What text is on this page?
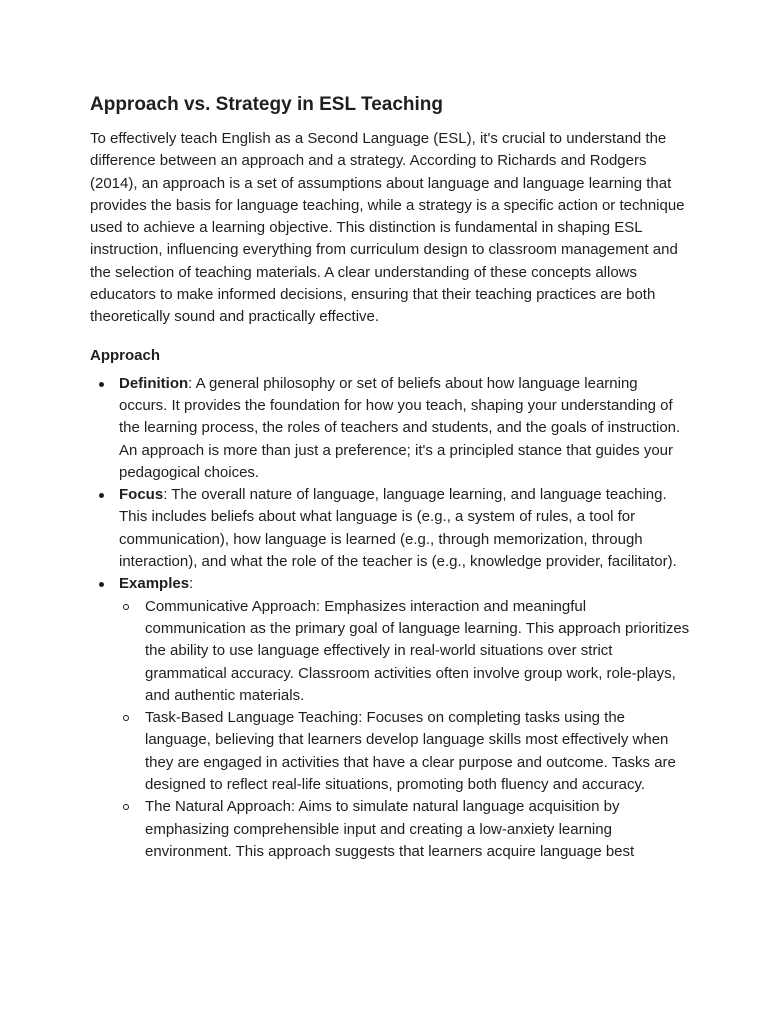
Approach vs. Strategy in ESL Teaching

To effectively teach English as a Second Language (ESL), it's crucial to understand the difference between an approach and a strategy. According to Richards and Rodgers (2014), an approach is a set of assumptions about language and language learning that provides the basis for language teaching, while a strategy is a specific action or technique used to achieve a learning objective. This distinction is fundamental in shaping ESL instruction, influencing everything from curriculum design to classroom management and the selection of teaching materials. A clear understanding of these concepts allows educators to make informed decisions, ensuring that their teaching practices are both theoretically sound and practically effective.

Approach
Definition: A general philosophy or set of beliefs about how language learning occurs. It provides the foundation for how you teach, shaping your understanding of the learning process, the roles of teachers and students, and the goals of instruction. An approach is more than just a preference; it's a principled stance that guides your pedagogical choices.
Focus: The overall nature of language, language learning, and language teaching. This includes beliefs about what language is (e.g., a system of rules, a tool for communication), how language is learned (e.g., through memorization, through interaction), and what the role of the teacher is (e.g., knowledge provider, facilitator).
Examples:
Communicative Approach: Emphasizes interaction and meaningful communication as the primary goal of language learning. This approach prioritizes the ability to use language effectively in real-world situations over strict grammatical accuracy. Classroom activities often involve group work, role-plays, and authentic materials.
Task-Based Language Teaching: Focuses on completing tasks using the language, believing that learners develop language skills most effectively when they are engaged in activities that have a clear purpose and outcome. Tasks are designed to reflect real-life situations, promoting both fluency and accuracy.
The Natural Approach: Aims to simulate natural language acquisition by emphasizing comprehensible input and creating a low-anxiety learning environment. This approach suggests that learners acquire language best
